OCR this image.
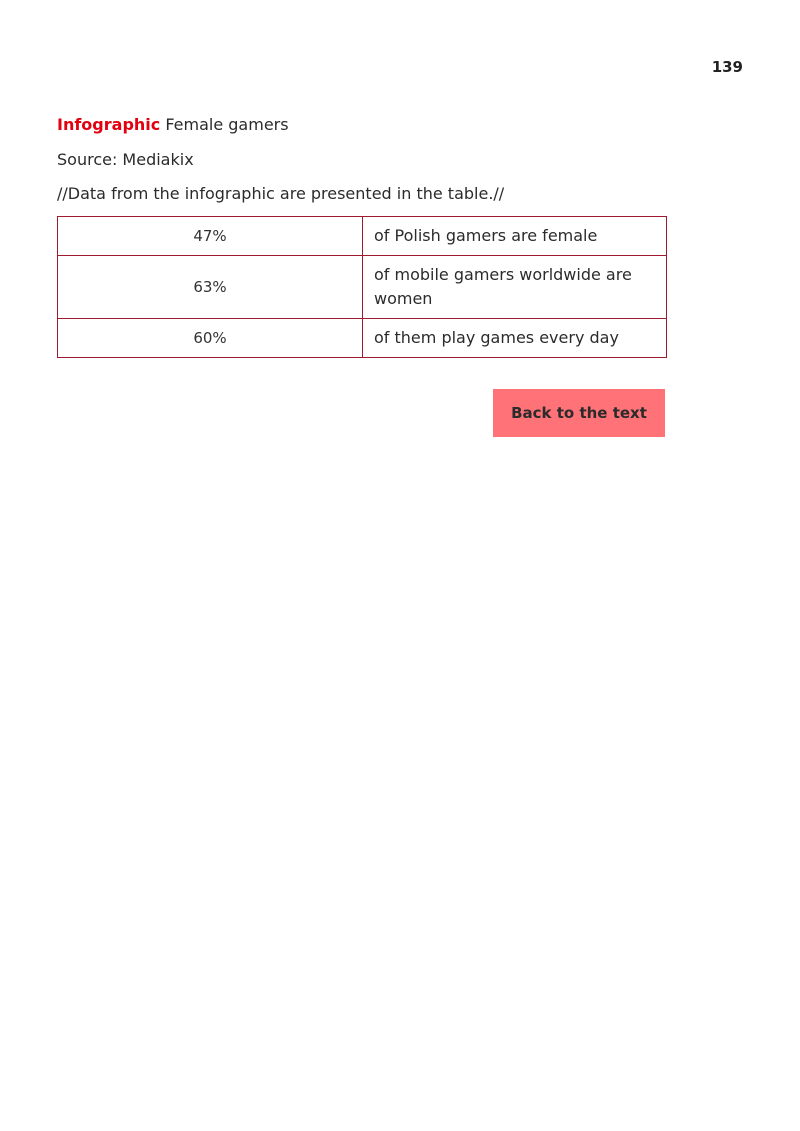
139
Infographic Female gamers
Source: Mediakix
//Data from the infographic are presented in the table.//
47%	of Polish gamers are female
63%	of mobile gamers worldwide are women
60%	of them play games every day
Back to the text
